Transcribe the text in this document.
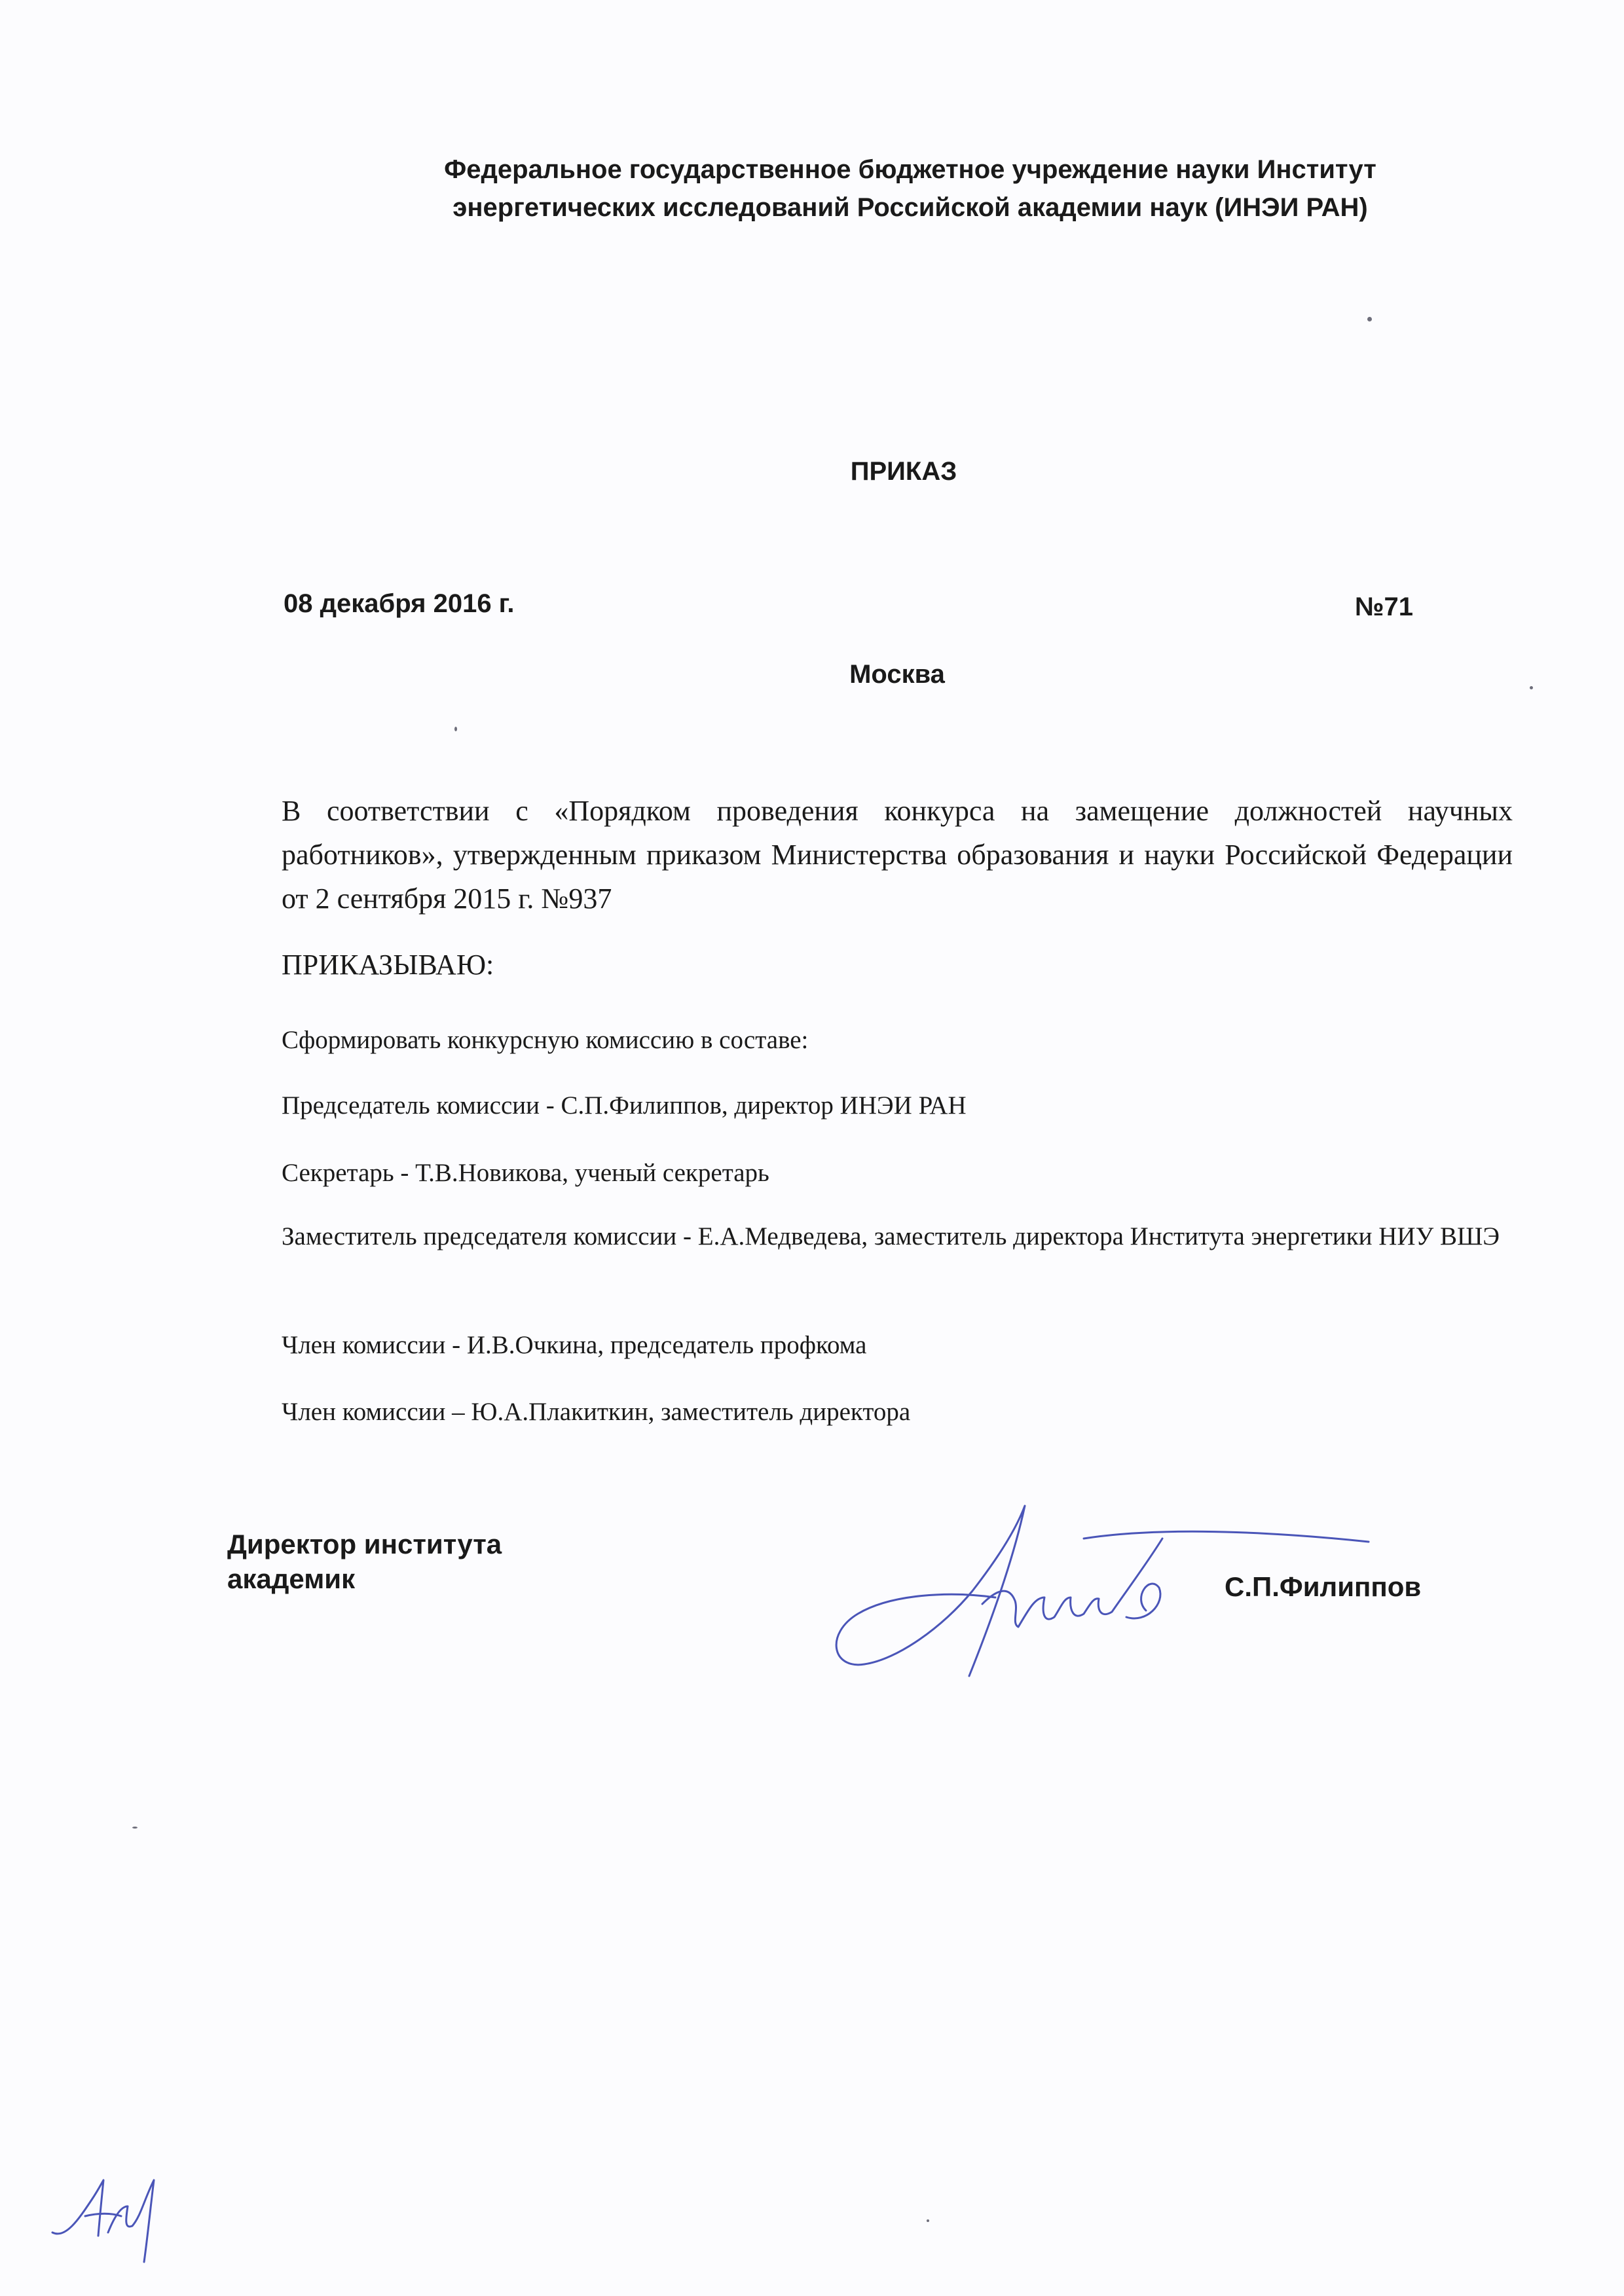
Федеральное государственное бюджетное учреждение науки Институт
энергетических исследований Российской академии наук (ИНЭИ РАН)
ПРИКАЗ
08 декабря 2016 г.	№71
Москва
В соответствии с «Порядком проведения конкурса на замещение должностей научных работников», утвержденным приказом Министерства образования и науки Российской Федерации от 2 сентября 2015 г. №937
ПРИКАЗЫВАЮ:
Сформировать конкурсную комиссию в составе:
Председатель комиссии - С.П.Филиппов, директор ИНЭИ РАН
Секретарь - Т.В.Новикова, ученый секретарь
Заместитель председателя комиссии - Е.А.Медведева, заместитель директора Института энергетики НИУ ВШЭ
Член комиссии - И.В.Очкина, председатель профкома
Член комиссии – Ю.А.Плакиткин, заместитель директора
Директор института
академик	С.П.Филиппов
